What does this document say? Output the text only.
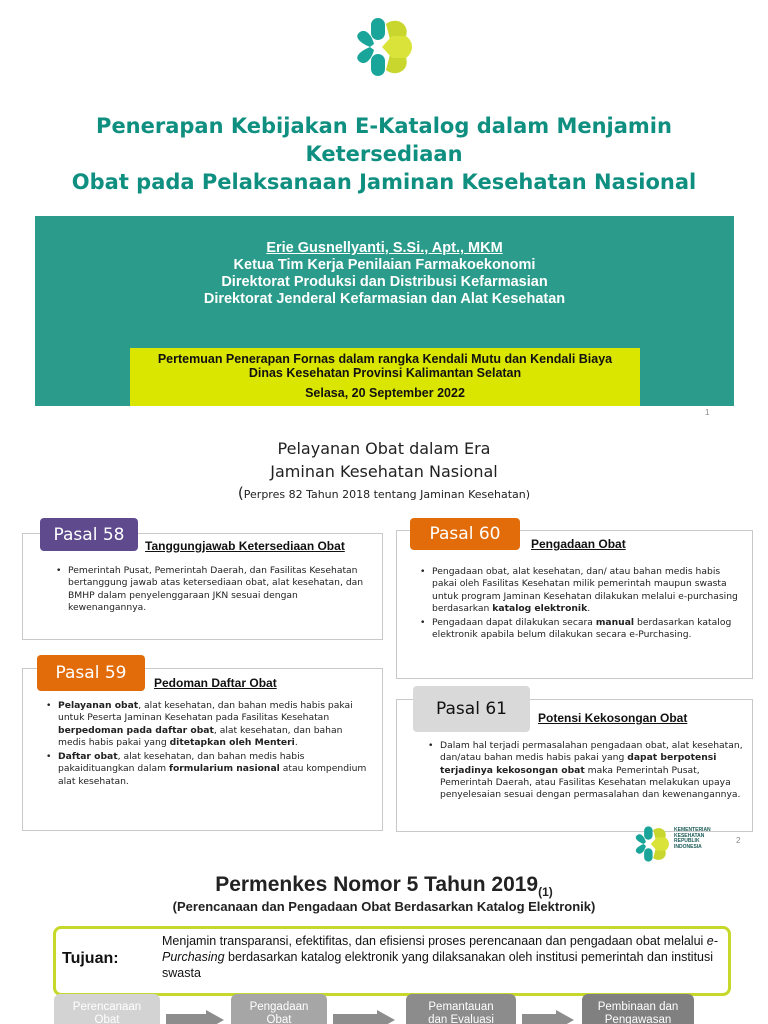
Penerapan Kebijakan E-Katalog dalam Menjamin Ketersediaan
Obat pada Pelaksanaan Jaminan Kesehatan Nasional
Erie Gusnellyanti, S.Si., Apt., MKM
Ketua Tim Kerja Penilaian Farmakoekonomi
Direktorat Produksi dan Distribusi Kefarmasian
Direktorat Jenderal Kefarmasian dan Alat Kesehatan
Pertemuan Penerapan Fornas dalam rangka Kendali Mutu dan Kendali Biaya
Dinas Kesehatan Provinsi Kalimantan Selatan
Selasa, 20 September 2022
1
Pelayanan Obat dalam Era
Jaminan Kesehatan Nasional
(Perpres 82 Tahun 2018 tentang Jaminan Kesehatan)
Pasal 58
Tanggungjawab Ketersediaan Obat
• Pemerintah Pusat, Pemerintah Daerah, dan Fasilitas Kesehatan bertanggung jawab atas ketersediaan obat, alat kesehatan, dan BMHP dalam penyelenggaraan JKN sesuai dengan kewenangannya.
Pasal 60	Pengadaan Obat
• Pengadaan obat, alat kesehatan, dan/ atau bahan medis habis pakai oleh Fasilitas Kesehatan milik pemerintah maupun swasta untuk program Jaminan Kesehatan dilakukan melalui e-purchasing berdasarkan katalog elektronik.
• Pengadaan dapat dilakukan secara manual berdasarkan katalog elektronik apabila belum dilakukan secara e-Purchasing.
Pasal 59	Pedoman Daftar Obat
• Pelayanan obat, alat kesehatan, dan bahan medis habis pakai untuk Peserta Jaminan Kesehatan pada Fasilitas Kesehatan berpedoman pada daftar obat, alat kesehatan, dan bahan medis habis pakai yang ditetapkan oleh Menteri.
• Daftar obat, alat kesehatan, dan bahan medis habis pakaidituangkan dalam formularium nasional atau kompendium alat kesehatan.
Pasal 61	Potensi Kekosongan Obat
• Dalam hal terjadi permasalahan pengadaan obat, alat kesehatan, dan/atau bahan medis habis pakai yang dapat berpotensi terjadinya kekosongan obat maka Pemerintah Pusat, Pemerintah Daerah, atau Fasilitas Kesehatan melakukan upaya penyelesaian sesuai dengan permasalahan dan kewenangannya.
2
KEMENTERIAN
KESEHATAN
REPUBLIK
INDONESIA
Permenkes Nomor 5 Tahun $2019_{(1)}$
(Perencanaan dan Pengadaan Obat Berdasarkan Katalog Elektronik)
Tujuan:
Menjamin transparansi, efektifitas, dan efisiensi proses perencanaan dan pengadaan obat melalui e-Purchasing berdasarkan katalog elektronik yang dilaksanakan oleh institusi pemerintah dan institusi swasta
Perencanaan
Obat
Pengadaan
Obat
Pemantauan
dan Evaluasi
Pembinaan dan
Pengawasan
